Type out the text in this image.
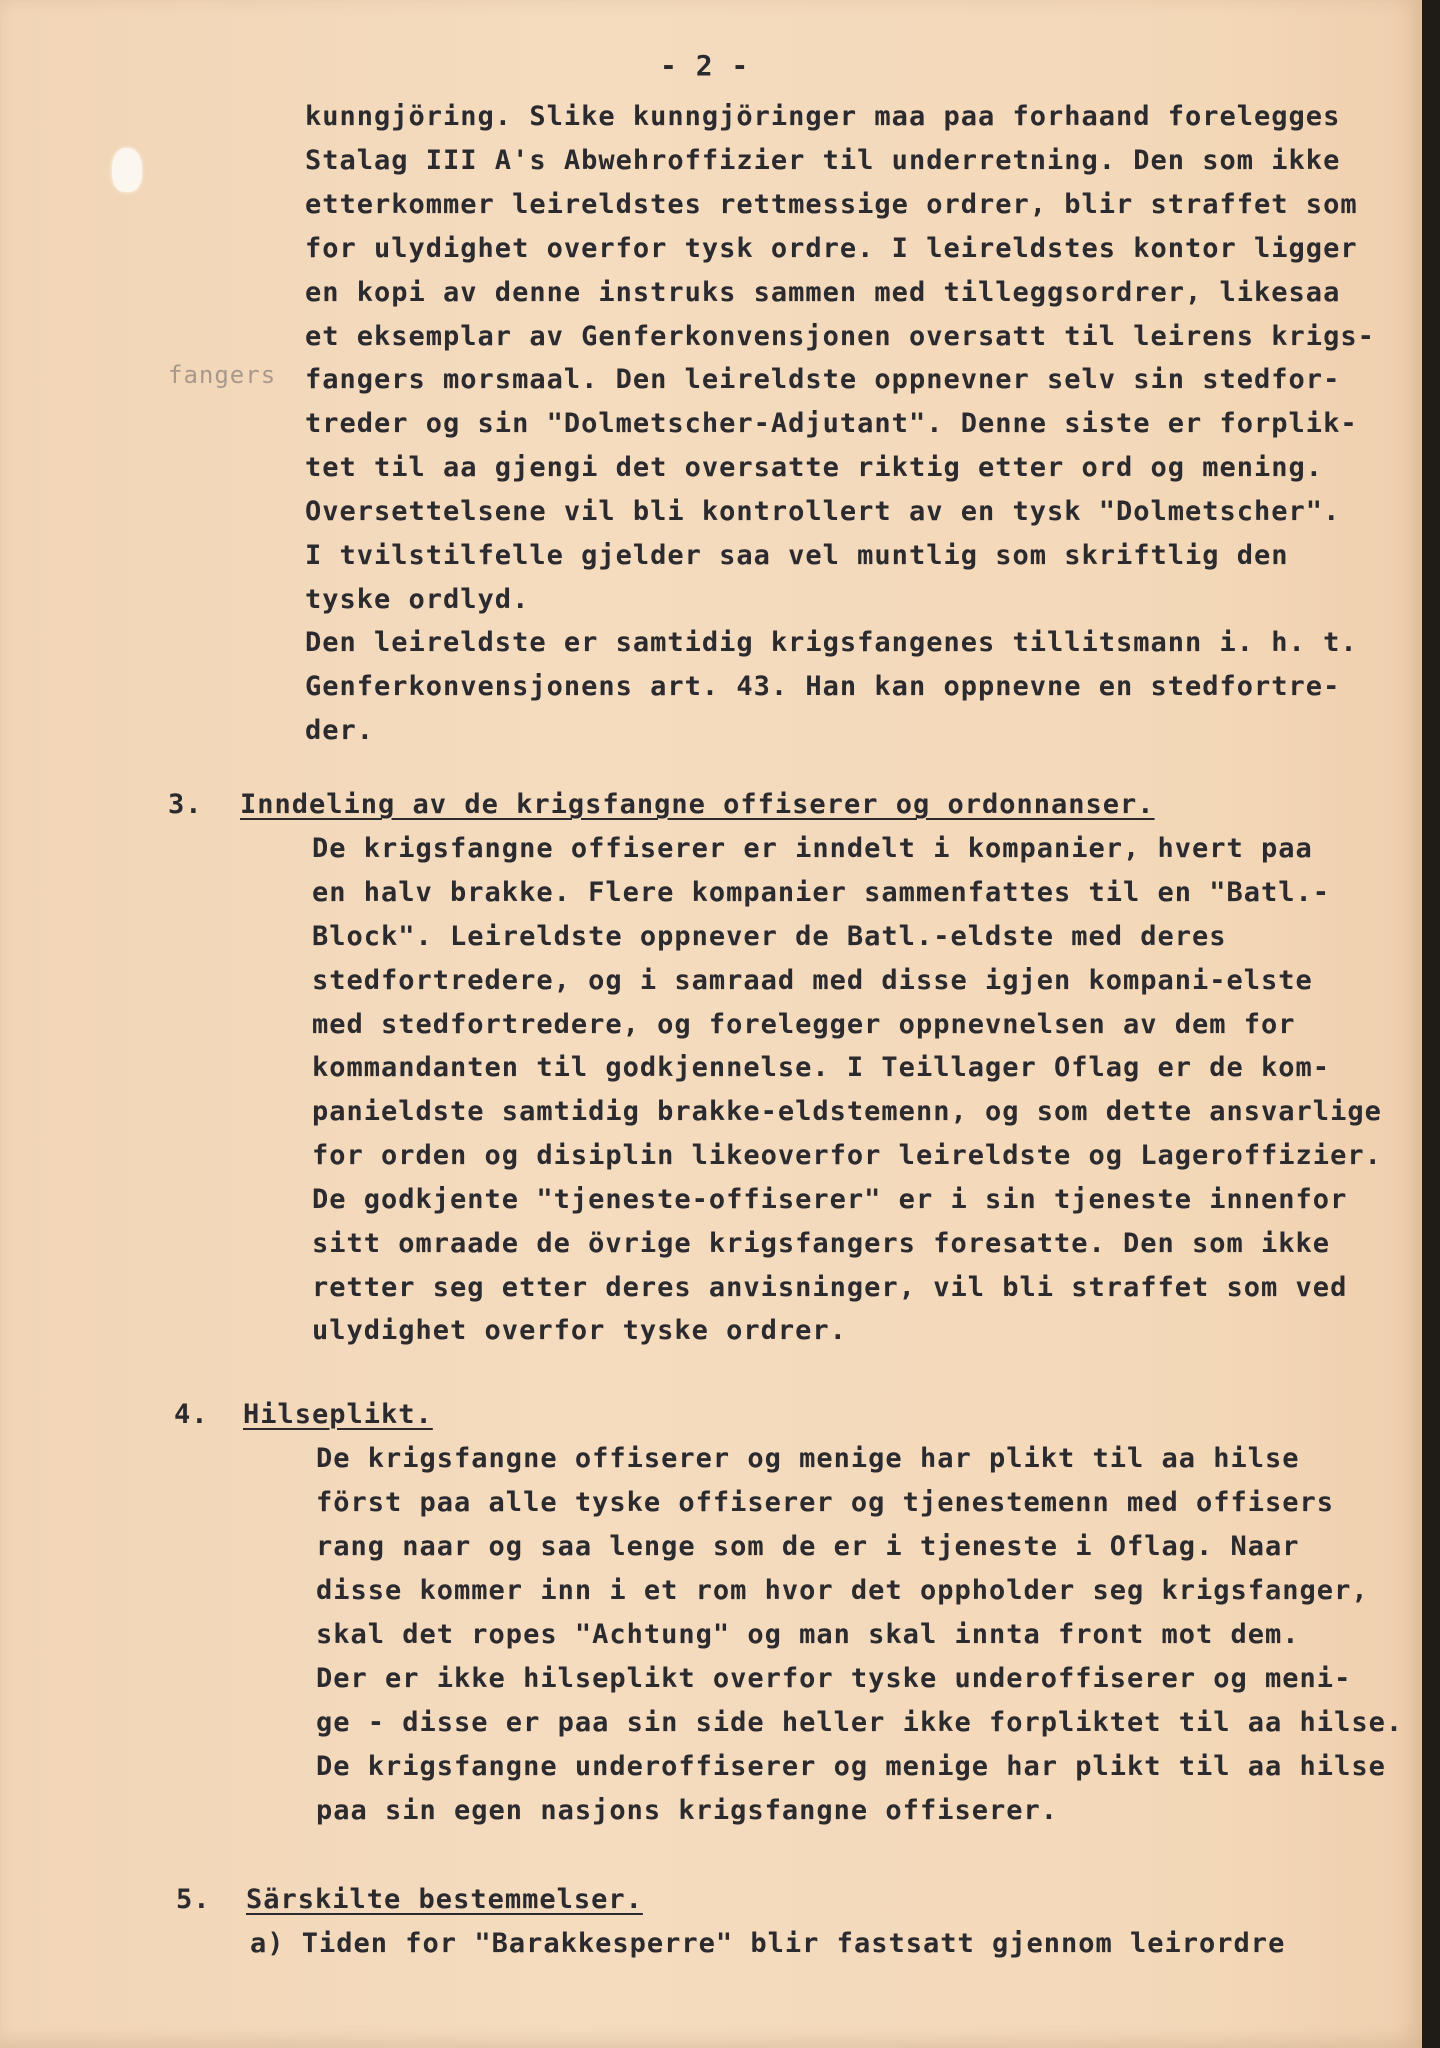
- 2 -
fangers
kunngjöring. Slike kunngjöringer maa paa forhaand forelegges
Stalag III A's Abwehroffizier til underretning. Den som ikke
etterkommer leireldstes rettmessige ordrer, blir straffet som
for ulydighet overfor tysk ordre. I leireldstes kontor ligger
en kopi av denne instruks sammen med tilleggsordrer, likesaa
et eksemplar av Genferkonvensjonen oversatt til leirens krigs-
fangers morsmaal. Den leireldste oppnevner selv sin stedfor-
treder og sin "Dolmetscher-Adjutant". Denne siste er forplik-
tet til aa gjengi det oversatte riktig etter ord og mening.
Oversettelsene vil bli kontrollert av en tysk "Dolmetscher".
I tvilstilfelle gjelder saa vel muntlig som skriftlig den
tyske ordlyd.
Den leireldste er samtidig krigsfangenes tillitsmann i. h. t.
Genferkonvensjonens art. 43. Han kan oppnevne en stedfortre-
der.
3. Inndeling av de krigsfangne offiserer og ordonnanser.
De krigsfangne offiserer er inndelt i kompanier, hvert paa
en halv brakke. Flere kompanier sammenfattes til en "Batl.-
Block". Leireldste oppnever de Batl.-eldste med deres
stedfortredere, og i samraad med disse igjen kompani-elste
med stedfortredere, og forelegger oppnevnelsen av dem for
kommandanten til godkjennelse. I Teillager Oflag er de kom-
panieldste samtidig brakke-eldstemenn, og som dette ansvarlige
for orden og disiplin likeoverfor leireldste og Lageroffizier.
De godkjente "tjeneste-offiserer" er i sin tjeneste innenfor
sitt omraade de övrige krigsfangers foresatte. Den som ikke
retter seg etter deres anvisninger, vil bli straffet som ved
ulydighet overfor tyske ordrer.
4. Hilseplikt.
De krigsfangne offiserer og menige har plikt til aa hilse
först paa alle tyske offiserer og tjenestemenn med offisers
rang naar og saa lenge som de er i tjeneste i Oflag. Naar
disse kommer inn i et rom hvor det oppholder seg krigsfanger,
skal det ropes "Achtung" og man skal innta front mot dem.
Der er ikke hilseplikt overfor tyske underoffiserer og meni-
ge - disse er paa sin side heller ikke forpliktet til aa hilse.
De krigsfangne underoffiserer og menige har plikt til aa hilse
paa sin egen nasjons krigsfangne offiserer.
5. Särskilte bestemmelser.
a) Tiden for "Barakkesperre" blir fastsatt gjennom leirordre
